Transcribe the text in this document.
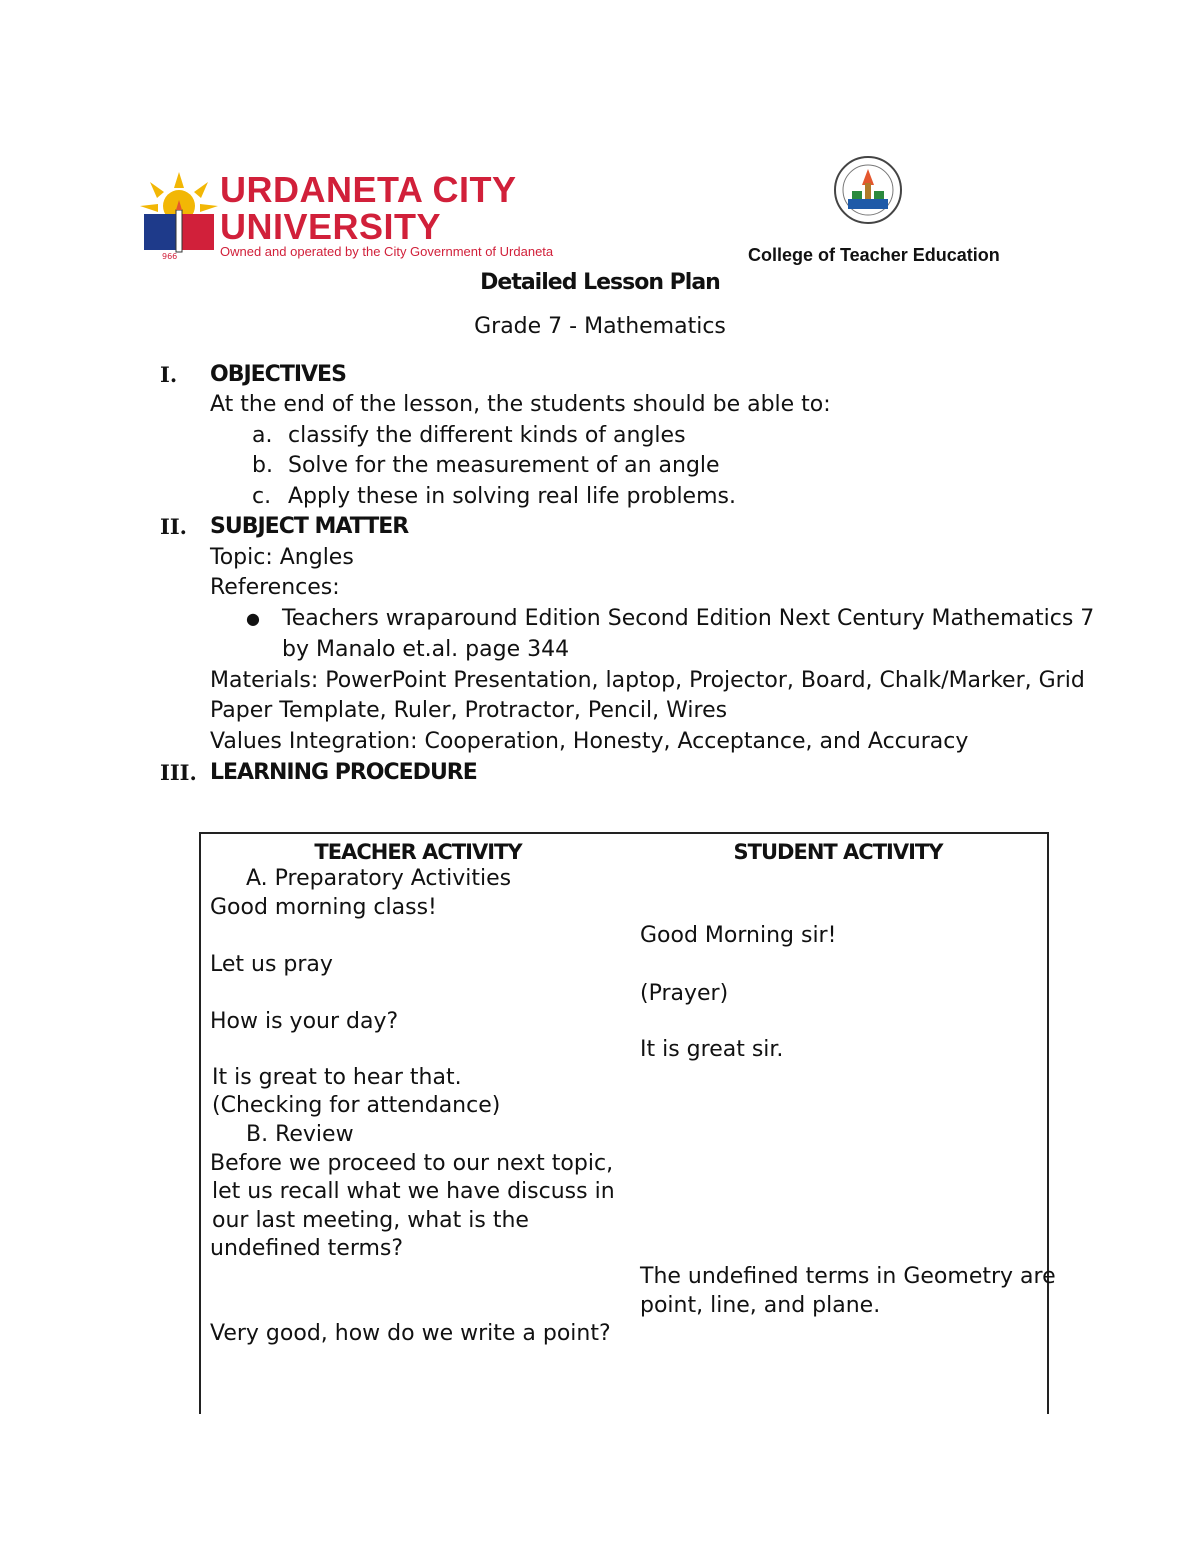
966
URDANETA CITY
UNIVERSITY
Owned and operated by the City Government of Urdaneta	College of Teacher Education
Detailed Lesson Plan
Grade 7 - Mathematics
I. OBJECTIVES
At the end of the lesson, the students should be able to:
a. classify the different kinds of angles
b. Solve for the measurement of an angle
c. Apply these in solving real life problems.
II. SUBJECT MATTER
Topic: Angles
References:
● Teachers wraparound Edition Second Edition Next Century Mathematics 7
by Manalo et.al. page 344
Materials: PowerPoint Presentation, laptop, Projector, Board, Chalk/Marker, Grid
Paper Template, Ruler, Protractor, Pencil, Wires
Values Integration: Cooperation, Honesty, Acceptance, and Accuracy
III. LEARNING PROCEDURE
TEACHER ACTIVITY	STUDENT ACTIVITY
A. Preparatory Activities
Good morning class!
Let us pray
How is your day?
It is great to hear that.
(Checking for attendance)
B. Review
Before we proceed to our next topic,
let us recall what we have discuss in
our last meeting, what is the
undefined terms?
Very good, how do we write a point?
Good Morning sir!
(Prayer)
It is great sir.
The undefined terms in Geometry are
point, line, and plane.
